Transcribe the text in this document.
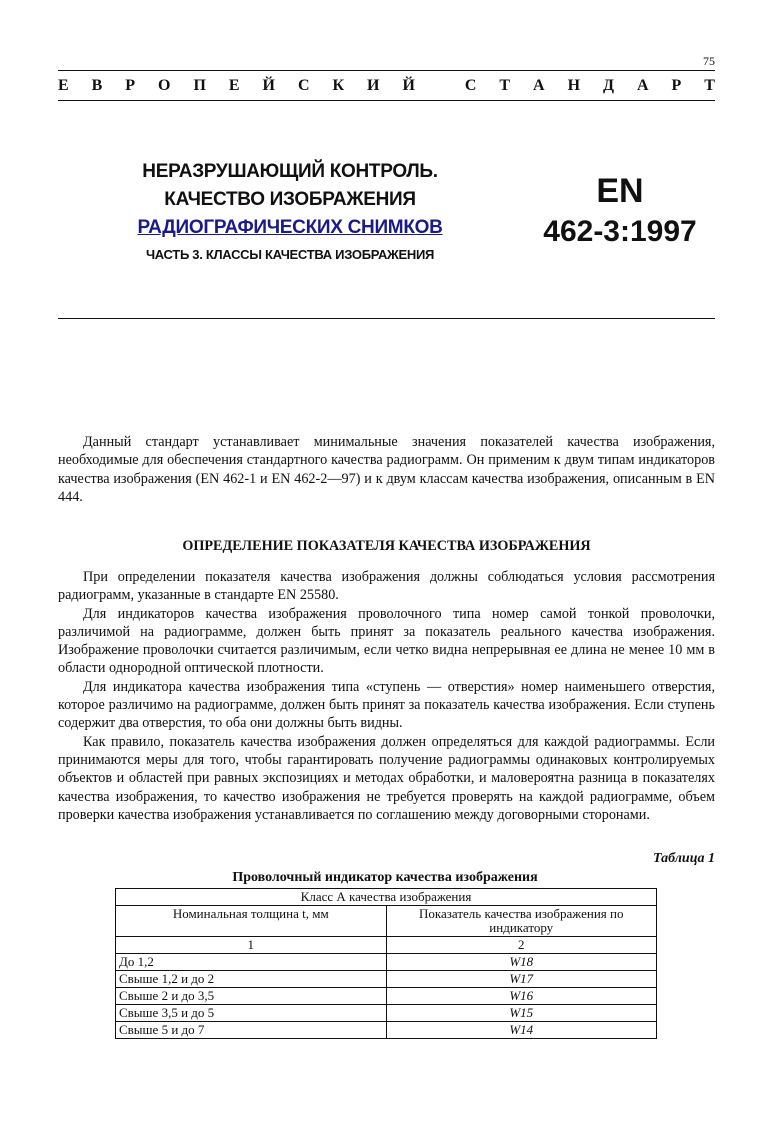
75
Е В Р О П Е Й С К И Й
	С Т А Н Д А Р Т
НЕРАЗРУШАЮЩИЙ КОНТРОЛЬ.
КАЧЕСТВО ИЗОБРАЖЕНИЯ
РАДИОГРАФИЧЕСКИХ СНИМКОВ
ЧАСТЬ 3. КЛАССЫ КАЧЕСТВА ИЗОБРАЖЕНИЯ
EN
462-3:1997

Данный стандарт устанавливает минимальные значения показателей качества изображения, необходимые для обеспечения стандартного качества радиограмм. Он применим к двум типам индикаторов качества изображения (EN 462-1 и EN 462-2—97) и к двум классам качества изображения, описанным в EN 444.

ОПРЕДЕЛЕНИЕ ПОКАЗАТЕЛЯ КАЧЕСТВА ИЗОБРАЖЕНИЯ

При определении показателя качества изображения должны соблюдаться условия рассмотрения радиограмм, указанные в стандарте EN 25580.

Для индикаторов качества изображения проволочного типа номер самой тонкой проволочки, различимой на радиограмме, должен быть принят за показатель реального качества изображения. Изображение проволочки считается различимым, если четко видна непрерывная ее длина не менее 10 мм в области однородной оптической плотности.

Для индикатора качества изображения типа «ступень — отверстия» номер наименьшего отверстия, которое различимо на радиограмме, должен быть принят за показатель качества изображения. Если ступень содержит два отверстия, то оба они должны быть видны.

Как правило, показатель качества изображения должен определяться для каждой радиограммы. Если принимаются меры для того, чтобы гарантировать получение радиограммы одинаковых контролируемых объектов и областей при равных экспозициях и методах обработки, и маловероятна разница в показателях качества изображения, то качество изображения не требуется проверять на каждой радиограмме, объем проверки качества изображения устанавливается по соглашению между договорными сторонами.

Таблица 1
Проволочный индикатор качества изображения
Класс А качества изображения	
Номинальная толщина t, мм	Показатель качества изображения по индикатору
1	2
До 1,2	W18
Свыше 1,2 и до 2	W17
Свыше 2 и до 3,5	W16
Свыше 3,5 и до 5	W15
Свыше 5 и до 7	W14
